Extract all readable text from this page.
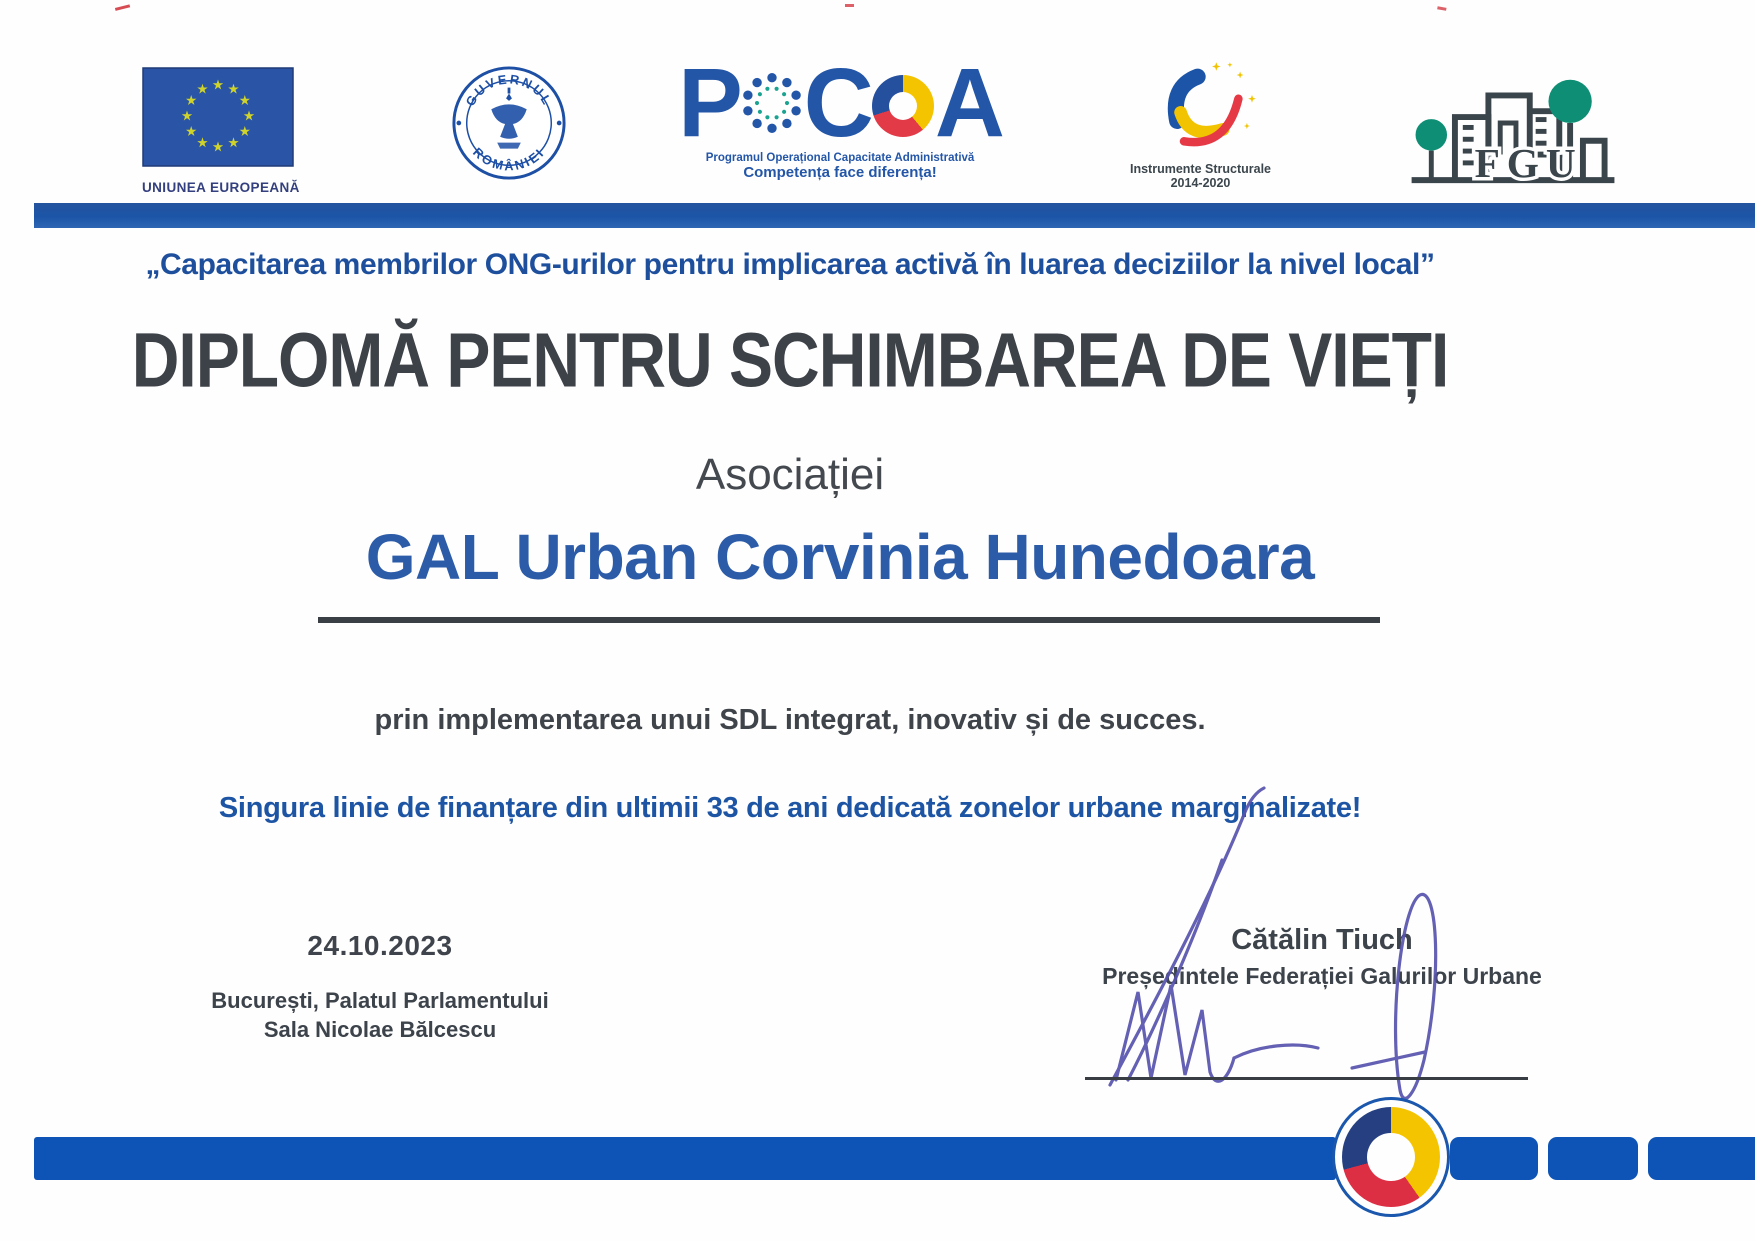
UNIUNEA EUROPEANĂ
GUVERNUL
ROMÂNIEI P C A
Programul Operațional Capacitate Administrativă
Competența face diferența!	Instrumente Structurale
2014-2020	FGU
„Capacitarea membrilor ONG-urilor pentru implicarea activă în luarea deciziilor la nivel local”
DIPLOMĂ PENTRU SCHIMBAREA DE VIEȚI
Asociației
GAL Urban Corvinia Hunedoara
prin implementarea unui SDL integrat, inovativ și de succes.
Singura linie de finanțare din ultimii 33 de ani dedicată zonelor urbane marginalizate!
24.10.2023
București, Palatul Parlamentului
Sala Nicolae Bălcescu
Cătălin Tiuch
Președintele Federației Galurilor Urbane
